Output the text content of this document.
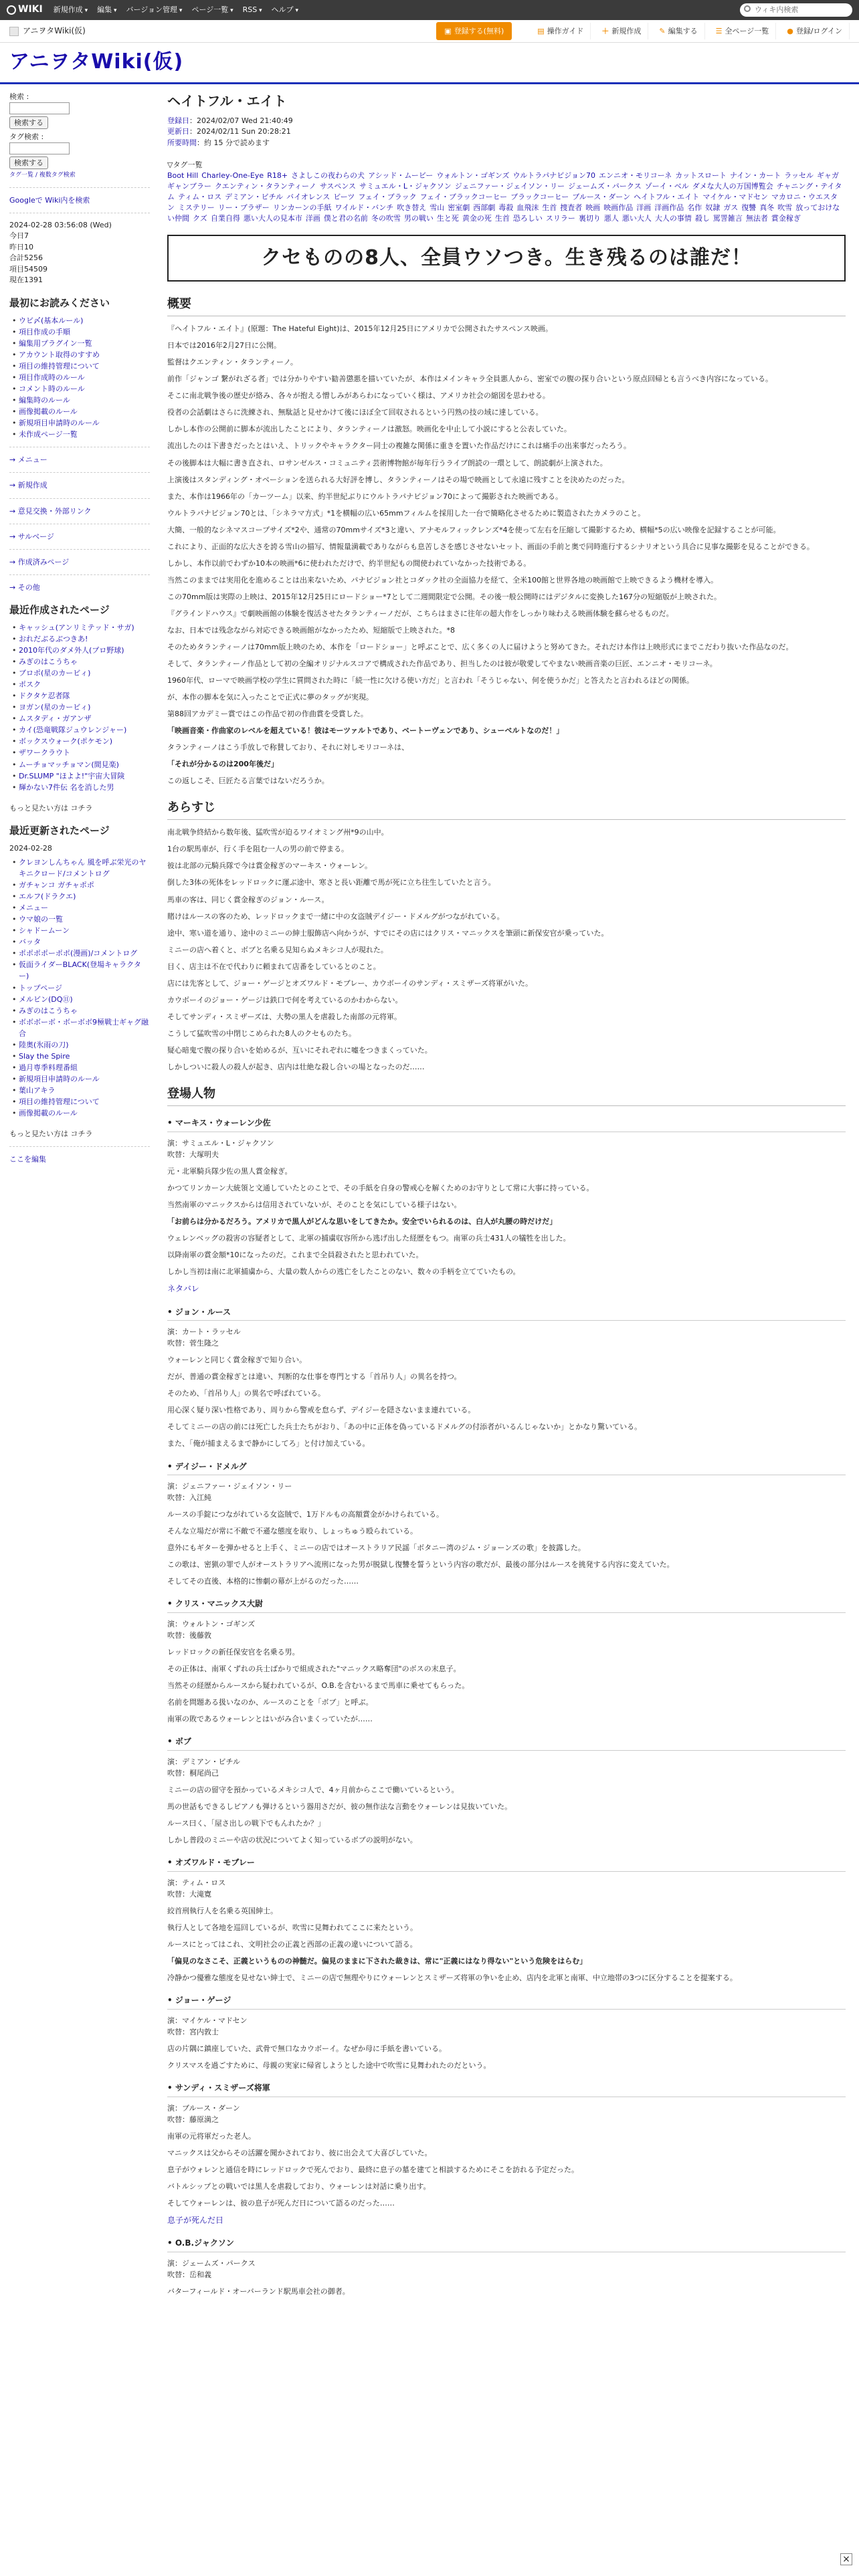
WIKI 新規作成 ▾	編集 ▾	バージョン管理 ▾	ページ一覧 ▾	RSS ▾	ヘルプ ▾	ウィキ内検索
アニヲタWiki(仮)	▣ 登録する(無料)	▤ 操作ガイド ＋ 新規作成 ✎ 編集する ☰ 全ページ一覧 ● 登録/ログイン
アニヲタWiki(仮)
検索 :
検索する
タグ検索 :
検索する
タグ一覧 / 複数タグ検索
Googleで Wiki内を検索
2024-02-28 03:56:08 (Wed)
今日7
昨日10
合計5256
項目54509
現在1391
最初にお読みください
• ウビ〆(基本ルール)
• 項目作成の手順
• 編集用プラグイン一覧
• アカウント取得のすすめ
• 項目の維持管理について
• 項目作成時のルール
• コメント時のルール
• 編集時のルール
• 画像掲載のルール
• 新規項目申請時のルール
• 未作成ページ一覧
→ メニュー
→ 新規作成
→ 意見交換・外部リンク
→ サルベージ
→ 作成済みページ
→ その他
最近作成されたページ
• キャッシュ(アンリミテッド・サガ)
• おれだぶるぶつきあ!
• 2010年代のダメ外人(プロ野球)
• みぎのはこうちゃ
• ブロポ(星のカービィ)
• ポスク
• ドクタケ忍者隊
• ヨガン(星のカービィ)
• ムスタディ・ガアンザ
• カイ(恐竜戦隊ジュウレンジャー)
• ボックスウォーク(ポケモン)
• ザワークラウト
• ムーチョマッチョマン(間見楽)
• Dr.SLUMP "ほよよ!"宇宙大冒険
• 輝かない7件伝 名を消した男
もっと見たい方は コチラ
最近更新されたページ
2024-02-28
• クレヨンしんちゃん 風を呼ぶ栄光のヤキニクロード/コメントログ
• ガチャンコ ガチャポポ
• エルフ(ドラクエ)
• メニュー
• ウマ娘の一覧
• シャドームーン
• バッタ
• ポポポポーポポ(漫画)/コメントログ
• 仮面ライダーBLACK(登場キャラクター)
• トップページ
• メルビン(DQ⑪)
• みぎのはこうちゃ
• ボボボーボ・ボーボボ9極戦士ギャグ融合
• 陸奥(氷雨の刀)
• Slay the Spire
• 過月専季料理番組
• 新規項目申請時のルール
• 葉山アキラ
• 項目の維持管理について
• 画像掲載のルール
もっと見たい方は コチラ
ここを編集
ヘイトフル・エイト
登録日：2024/02/07 Wed 21:40:49
更新日：2024/02/11 Sun 20:28:21
所要時間：約 15 分で読めます
▽タグ一覧
Boot Hill Charley-One-Eye R18+ さよしこの夜わらの犬 アシッド・ムービー ウォルトン・ゴギンズ ウルトラパナビジョン70 エンニオ・モリコーネ カットスロート ナイン・カート ラッセル ギャガギャンブラー クエンティン・タランティーノ サスペンス サミュエル・L・ジャクソン ジェニファー・ジェイソン・リー ジェームズ・パークス ゾーイ・ベル ダメな大人の万国博覧会 チャニング・テイタム ティム・ロス デミアン・ビチル バイオレンス ビーツ フェイ・ブラック フェイ・ブラックコーヒー ブラックコーヒー ブルース・ダーン ヘイトフル・エイト マイケル・マドセン マカロニ・ウエスタン ミステリー リー・ブラザー リンカーンの手紙 ワイルド・バンチ 吹き替え 雪山 密室劇 西部劇 毒殺 血飛沫 生首 捜査者 映画 映画作品 洋画 洋画作品 名作 奴隷 ガス 復讐 真冬 吹雪 放っておけない仲間 クズ 自業自得 悪い大人の見本市 洋画 僕と君の名前 冬の吹雪 男の戦い 生と死 黄金の死 生首 恐ろしい スリラー 裏切り 悪人 悪い大人 大人の事情 殺し 罵詈雑言 無法者 賞金稼ぎ
クセものの8人、全員ウソつき。生き残るのは誰だ！
概要

『ヘイトフル・エイト』(原題：The Hateful Eight)は、2015年12月25日にアメリカで公開されたサスペンス映画。

日本では2016年2月27日に公開。

監督はクエンティン・タランティーノ。

前作「ジャンゴ 繋がれざる者」では分かりやすい勧善懲悪を描いていたが、本作はメインキャラ全員悪人から、密室での腹の探り合いという原点回帰とも言うべき内容になっている。

そこに南北戦争後の歴史が絡み、各々が抱える憎しみがあらわになっていく様は、アメリカ社会の縮図を思わせる。

役者の会話劇はさらに洗練され、無駄話と見せかけて後にほぼ全て回収されるという円熟の技の域に達している。

しかし本作の公開前に脚本が流出したことにより、タランティーノは激怒。映画化を中止して小説にすると公表していた。

流出したのは下書きだったとはいえ、トリックやキャラクター同士の複雑な関係に重きを置いた作品だけにこれは痛手の出来事だったろう。

その後脚本は大幅に書き直され、ロサンゼルス・コミュニティ芸術博物館が毎年行うライブ朗読の一環として、朗読劇が上演された。

上演後はスタンディング・オベーションを送られる大好評を博し、タランティーノはその場で映画として永遠に残すことを決めたのだった。

また、本作は1966年の「カーツーム」以来、約半世紀ぶりにウルトラパナビジョン70によって撮影された映画である。

ウルトラパナビジョン70とは、「シネラマ方式」*1を横幅の広い65mmフィルムを採用した一台で簡略化させるために製造されたカメラのこと。

大簡、一般的なシネマスコープサイズ*2や、通常の70mmサイズ*3と違い、アナモルフィックレンズ*4を使って左右を圧縮して撮影するため、横幅*5の広い映像を記録することが可能。

これにより、正面的な広大さを誇る雪山の描写、情報量満載でありながらも息苦しさを感じさせないセット、画面の手前と奥で同時進行するシナリオという具合に見事な撮影を見ることができる。

しかし、本作以前でわずか10本の映画*6に使われただけで、約半世紀もの間使われていなかった技術である。

当然このままでは実用化を進めることは出来ないため、パナビジョン社とコダック社の全面協力を経て、全米100館と世界各地の映画館で上映できるよう機材を導入。

この70mm版は実際の上映は、2015年12月25日にロードショー*7として二週間限定で公開。その後一般公開時にはデジタルに変換した167分の短縮版が上映された。

『グラインドハウス』で劇映画館の体験を復活させたタランティーノだが、こちらはまさに往年の超大作をしっかり味わえる映画体験を蘇らせるものだ。

なお、日本では残念ながら対応できる映画館がなかったため、短縮版で上映された。*8

そのためタランティーノは70mm版上映のため、本作を「ロードショー」と呼ぶことで、広く多くの人に届けようと努めてきた。それだけ本作は上映形式にまでこだわり抜いた作品なのだ。

そして、タランティーノ作品として初の全編オリジナルスコアで構成された作品であり、担当したのは彼が敬愛してやまない映画音楽の巨匠、エンニオ・モリコーネ。

1960年代、ローマで映画学校の学生に質問された時に「続一性に欠ける使い方だ」と言われ「そうじゃない、何を使うかだ」と答えたと言われるほどの関係。

が、本作の脚本を気に入ったことで正式に夢のタッグが実現。

第88回アカデミー賞ではこの作品で初の作曲賞を受賞した。

「映画音楽・作曲家のレベルを超えている！彼はモーツァルトであり、ベートーヴェンであり、シューベルトなのだ！」

タランティーノはこう手放しで称賛しており、それに対しモリコーネは、

「それが分かるのは200年後だ」

この返しこそ、巨匠たる言葉ではないだろうか。

あらすじ

南北戦争終結から数年後、猛吹雪が迫るワイオミング州*9の山中。

1台の駅馬車が、行く手を阻む一人の男の前で停まる。

彼は北部の元騎兵隊で今は賞金稼ぎのマーキス・ウォーレン。

倒した3体の死体をレッドロックに運ぶ途中、寒さと長い距離で馬が死に立ち往生していたと言う。

馬車の客は、同じく賞金稼ぎのジョン・ルース。

賭けはルースの客のため、レッドロックまで一緒に中の女盗賊デイジー・ドメルグがつながれている。

途中、寒い道を通り、途中のミニーの紳士服飾店へ向かうが、すでにその店にはクリス・マニックスを筆頭に新保安官が乗っていた。

ミニーの店へ着くと、ボブと名乗る見知らぬメキシコ人が現れた。

目く、店主は不在で代わりに頼まれて店番をしているとのこと。

店には先客として、ジョー・ゲージとオズワルド・モブレー、カウボーイのサンディ・スミザーズ将軍がいた。

カウボーイのジョー・ゲージは鉄口で何を考えているのかわからない。

そしてサンディ・スミザーズは、大勢の黒人を虐殺した南部の元将軍。

こうして猛吹雪の中閉じこめられた8人のクセものたち。

疑心暗鬼で腹の探り合いを始めるが、互いにそれぞれに嘘をつきまくっていた。

しかしついに殺人の殺人が起き、店内は壮絶な殺し合いの場となったのだ……

登場人物
• マーキス・ウォーレン少佐
演：サミュエル・L・ジャクソン
吹替：大塚明夫

元・北軍騎兵隊少佐の黒人賞金稼ぎ。

かつてリンカーン大統領と文通していたとのことで、その手紙を自身の警戒心を解くためのお守りとして常に大事に持っている。

当然南軍のマニックスからは信用されていないが、そのことを気にしている様子はない。

「お前らは分かるだろう。アメリカで黒人がどんな思いをしてきたか。安全でいられるのは、白人が丸腰の時だけだ」

ウェレンベッグの殺害の容疑者として、北軍の捕虜収容所から逃げ出した経歴をもつ。南軍の兵士431人の犠牲を出した。

以降南軍の賞金額*10になったのだ。これまで全員殺されたと思われていた。

しかし当初は南に北軍捕虜から、大量の数人からの逃亡をしたことのない、数々の手柄を立てていたもの。

ネタバレ
• ジョン・ルース
演：カート・ラッセル
吹替：菅生隆之

ウォーレンと同じく賞金稼ぎで知り合い。

だが、普通の賞金稼ぎとは違い、判断的な仕事を専門とする「首吊り人」の異名を持つ。

そのため、「首吊り人」の異名で呼ばれている。

用心深く疑り深い性格であり、周りから警戒を怠らず、デイジーを隠さないまま連れている。

そしてミニーの店の前には死亡した兵士たちがおり、「あの中に正体を偽っているドメルグの付添者がいるんじゃないか」とかなり驚いている。

また、「俺が捕まえるまで静かにしてろ」と付け加えている。

• デイジー・ドメルグ
演：ジェニファー・ジェイソン・リー
吹替：入江純

ルースの手錠につながれている女盗賊で、1万ドルもの高額賞金がかけられている。

そんな立場だが常に不敵で不遜な態度を取り、しょっちゅう殴られている。

意外にもギターを弾かせると上手く、ミニーの店ではオーストラリア民謡「ボタニー湾のジム・ジョーンズの歌」を披露した。

この歌は、密猟の罪で人がオーストラリアへ流刑になった男が脱獄し復讐を誓うという内容の歌だが、最後の部分はルースを挑発する内容に変えていた。

そしてその直後、本格的に惨劇の幕が上がるのだった……

• クリス・マニックス大尉
演：ウォルトン・ゴギンズ
吹替：後藤敦

レッドロックの新任保安官を名乗る男。

その正体は、南軍くずれの兵士ばかりで組成された"マニックス略奪団"のボスの末息子。

当然その経歴からルースから疑われているが、O.B.を含むいるまで馬車に乗せてもらった。

名前を問題ある扱いなのか、ルースのことを「ボブ」と呼ぶ。

南軍の敗であるウォーレンとはいがみ合いまくっていたが……

• ボブ
演：デミアン・ビチル
吹替：桐尾尚己

ミニーの店の留守を預かっているメキシコ人で、4ヶ月前からここで働いているという。

馬の世話もできるしピアノも弾けるという器用さだが、彼の無作法な言動をウォーレンは見抜いていた。

ルース曰く、「屋さ出しの戦下でもんれたか？」

しかし普段のミニーや店の状況についてよく知っているボブの説明がない。

• オズワルド・モブレー
演：ティム・ロス
吹替：大滝寛

絞首刑執行人を名乗る英国紳士。

執行人として各地を巡回しているが、吹雪に見舞われてここに来たという。

ルースにとってはこれ、文明社会の正義と西部の正義の違いについて語る。

「偏見のなさこそ、正義というものの神髄だ。偏見のままに下された裁きは、常に"正義にはなり得ない"という危険をはらむ」

冷静かつ優雅な態度を見せない紳士で、ミニーの店で無理やりにウォーレンとスミザーズ将軍の争いを止め、店内を北軍と南軍、中立地帯の3つに区分することを提案する。

• ジョー・ゲージ
演：マイケル・マドセン
吹替：宮内敦士

店の片隅に鎮座していた、武骨で無口なカウボーイ。なぜか母に手紙を書いている。

クリスマスを過ごすために、母親の実家に帰省しようとした途中で吹雪に見舞われたのだという。

• サンディ・スミザーズ将軍
演：ブルース・ダーン
吹替：藤原満之

南軍の元将軍だった老人。

マニックスは父からその活躍を聞かされており、彼に出会えて大喜びしていた。

息子がウォレンと通信を時にレッドロックで死んでおり、最終に息子の墓を建てと相談するためにそこを訪れる予定だった。

バトルシップとの戦いでは黒人を虐殺しており、ウォーレンは対話に乗り出す。

そしてウォーレンは、彼の息子が死んだ日について語るのだった……

息子が死んだ日
• O.B.ジャクソン
演：ジェームズ・パークス
吹替：岳和義

バターフィールド・オーバーランド駅馬車会社の御者。

×
